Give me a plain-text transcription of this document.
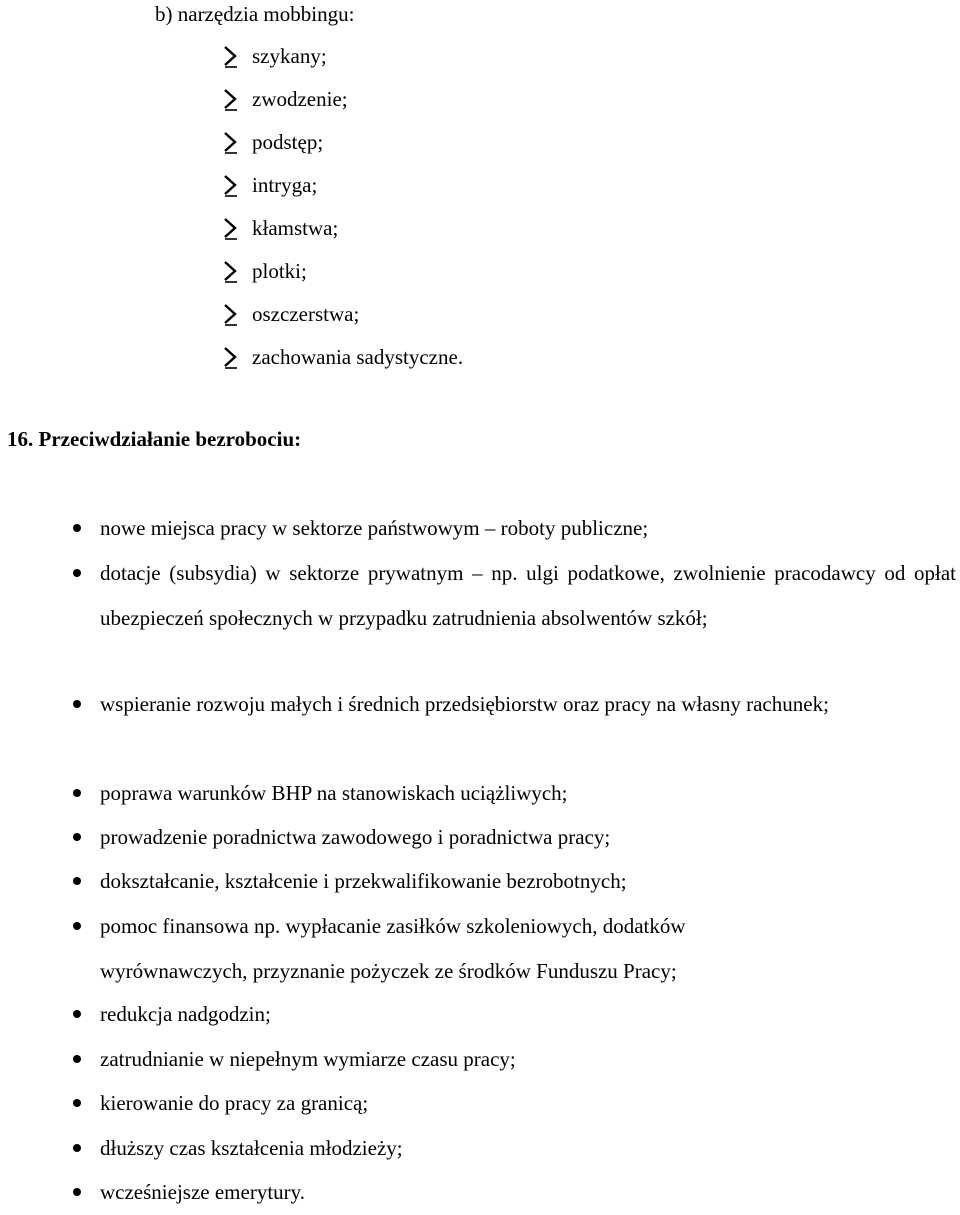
b) narzędzia mobbingu:
szykany;
zwodzenie;
podstęp;
intryga;
kłamstwa;
plotki;
oszczerstwa;
zachowania sadystyczne.
16. Przeciwdziałanie bezrobociu:
nowe miejsca pracy w sektorze państwowym – roboty publiczne;
dotacje (subsydia) w sektorze prywatnym – np. ulgi podatkowe, zwolnienie pracodawcy od opłat ubezpieczeń społecznych w przypadku zatrudnienia absolwentów szkół;
wspieranie rozwoju małych i średnich przedsiębiorstw oraz pracy na własny rachunek;
poprawa warunków BHP na stanowiskach uciążliwych;
prowadzenie poradnictwa zawodowego i poradnictwa pracy;
dokształcanie, kształcenie i przekwalifikowanie bezrobotnych;
pomoc finansowa np. wypłacanie zasiłków szkoleniowych, dodatków wyrównawczych, przyznanie pożyczek ze środków Funduszu Pracy;
redukcja nadgodzin;
zatrudnianie w niepełnym wymiarze czasu pracy;
kierowanie do pracy za granicą;
dłuższy czas kształcenia młodzieży;
wcześniejsze emerytury.
